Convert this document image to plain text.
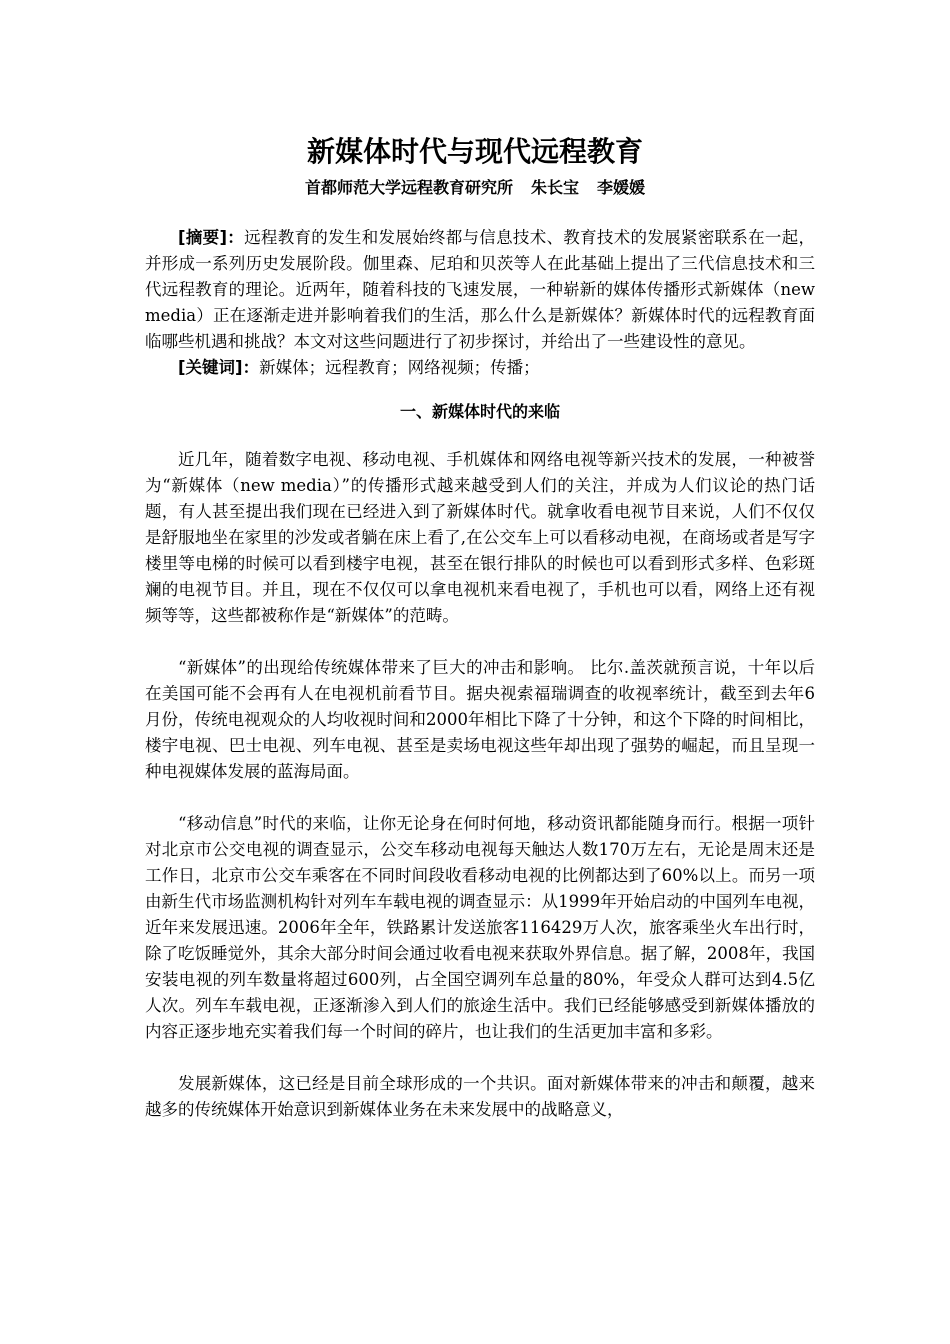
新媒体时代与现代远程教育
首都师范大学远程教育研究所 朱长宝 李媛媛

[摘要]：远程教育的发生和发展始终都与信息技术、教育技术的发展紧密联系在一起，并形成一系列历史发展阶段。伽里森、尼珀和贝茨等人在此基础上提出了三代信息技术和三代远程教育的理论。近两年，随着科技的飞速发展，一种崭新的媒体传播形式新媒体（new media）正在逐渐走进并影响着我们的生活，那么什么是新媒体？新媒体时代的远程教育面临哪些机遇和挑战？本文对这些问题进行了初步探讨，并给出了一些建设性的意见。

[关键词]：新媒体；远程教育；网络视频；传播；

一、新媒体时代的来临

近几年，随着数字电视、移动电视、手机媒体和网络电视等新兴技术的发展，一种被誉为“新媒体（new media）”的传播形式越来越受到人们的关注，并成为人们议论的热门话题，有人甚至提出我们现在已经进入到了新媒体时代。就拿收看电视节目来说，人们不仅仅是舒服地坐在家里的沙发或者躺在床上看了,在公交车上可以看移动电视，在商场或者是写字楼里等电梯的时候可以看到楼宇电视，甚至在银行排队的时候也可以看到形式多样、色彩斑斓的电视节目。并且，现在不仅仅可以拿电视机来看电视了，手机也可以看，网络上还有视频等等，这些都被称作是“新媒体”的范畴。

“新媒体”的出现给传统媒体带来了巨大的冲击和影响。 比尔.盖茨就预言说，十年以后在美国可能不会再有人在电视机前看节目。据央视索福瑞调查的收视率统计，截至到去年6月份，传统电视观众的人均收视时间和2000年相比下降了十分钟，和这个下降的时间相比，楼宇电视、巴士电视、列车电视、甚至是卖场电视这些年却出现了强势的崛起，而且呈现一种电视媒体发展的蓝海局面。

“移动信息”时代的来临，让你无论身在何时何地，移动资讯都能随身而行。根据一项针对北京市公交电视的调查显示，公交车移动电视每天触达人数170万左右，无论是周末还是工作日，北京市公交车乘客在不同时间段收看移动电视的比例都达到了60%以上。而另一项由新生代市场监测机构针对列车车载电视的调查显示：从1999年开始启动的中国列车电视，近年来发展迅速。2006年全年，铁路累计发送旅客116429万人次，旅客乘坐火车出行时，除了吃饭睡觉外，其余大部分时间会通过收看电视来获取外界信息。据了解，2008年，我国安装电视的列车数量将超过600列，占全国空调列车总量的80%，年受众人群可达到4.5亿人次。列车车载电视，正逐渐渗入到人们的旅途生活中。我们已经能够感受到新媒体播放的内容正逐步地充实着我们每一个时间的碎片，也让我们的生活更加丰富和多彩。

发展新媒体，这已经是目前全球形成的一个共识。面对新媒体带来的冲击和颠覆，越来越多的传统媒体开始意识到新媒体业务在未来发展中的战略意义，
